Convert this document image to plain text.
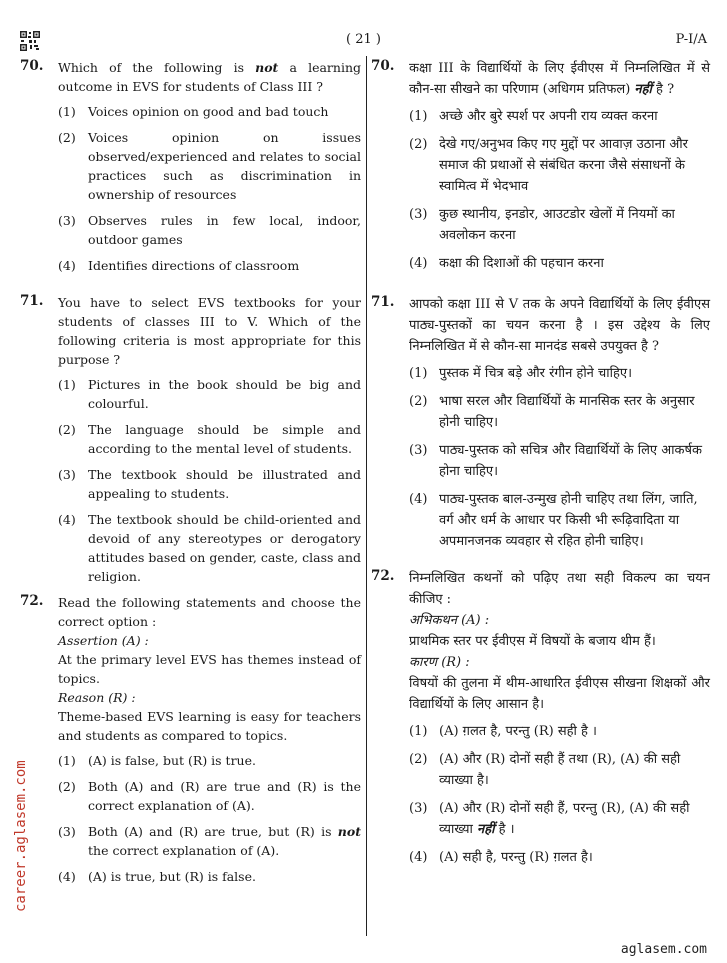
( 21 )	P-I/A
70. Which of the following is not a learning outcome in EVS for students of Class III ?
(1) Voices opinion on good and bad touch
(2) Voices opinion on issues observed/experienced and relates to social practices such as discrimination in ownership of resources
(3) Observes rules in few local, indoor, outdoor games
(4) Identifies directions of classroom
71. You have to select EVS textbooks for your students of classes III to V. Which of the following criteria is most appropriate for this purpose ?
(1) Pictures in the book should be big and colourful.
(2) The language should be simple and according to the mental level of students.
(3) The textbook should be illustrated and appealing to students.
(4) The textbook should be child-oriented and devoid of any stereotypes or derogatory attitudes based on gender, caste, class and religion.
72. Read the following statements and choose the correct option :
Assertion (A) :
At the primary level EVS has themes instead of topics.
Reason (R) :
Theme-based EVS learning is easy for teachers and students as compared to topics.
(1) (A) is false, but (R) is true.
(2) Both (A) and (R) are true and (R) is the correct explanation of (A).
(3) Both (A) and (R) are true, but (R) is not the correct explanation of (A).
(4) (A) is true, but (R) is false.
70. कक्षा III के विद्यार्थियों के लिए ईवीएस में निम्नलिखित में से कौन-सा सीखने का परिणाम (अधिगम प्रतिफल) नहीं है ?
(1) अच्छे और बुरे स्पर्श पर अपनी राय व्यक्त करना
(2) देखे गए/अनुभव किए गए मुद्दों पर आवाज़ उठाना और समाज की प्रथाओं से संबंधित करना जैसे संसाधनों के स्वामित्व में भेदभाव
(3) कुछ स्थानीय, इनडोर, आउटडोर खेलों में नियमों का अवलोकन करना
(4) कक्षा की दिशाओं की पहचान करना
71. आपको कक्षा III से V तक के अपने विद्यार्थियों के लिए ईवीएस पाठ्य-पुस्तकों का चयन करना है । इस उद्देश्य के लिए निम्नलिखित में से कौन-सा मानदंड सबसे उपयुक्त है ?
(1) पुस्तक में चित्र बड़े और रंगीन होने चाहिए।
(2) भाषा सरल और विद्यार्थियों के मानसिक स्तर के अनुसार होनी चाहिए।
(3) पाठ्य-पुस्तक को सचित्र और विद्यार्थियों के लिए आकर्षक होना चाहिए।
(4) पाठ्य-पुस्तक बाल-उन्मुख होनी चाहिए तथा लिंग, जाति, वर्ग और धर्म के आधार पर किसी भी रूढ़िवादिता या अपमानजनक व्यवहार से रहित होनी चाहिए।
72. निम्नलिखित कथनों को पढ़िए तथा सही विकल्प का चयन कीजिए :
अभिकथन (A) :
प्राथमिक स्तर पर ईवीएस में विषयों के बजाय थीम हैं।
कारण (R) :
विषयों की तुलना में थीम-आधारित ईवीएस सीखना शिक्षकों और विद्यार्थियों के लिए आसान है।
(1) (A) ग़लत है, परन्तु (R) सही है ।
(2) (A) और (R) दोनों सही हैं तथा (R), (A) की सही व्याख्या है।
(3) (A) और (R) दोनों सही हैं, परन्तु (R), (A) की सही व्याख्या नहीं है ।
(4) (A) सही है, परन्तु (R) ग़लत है।
career.aglasem.com
aglasem.com
